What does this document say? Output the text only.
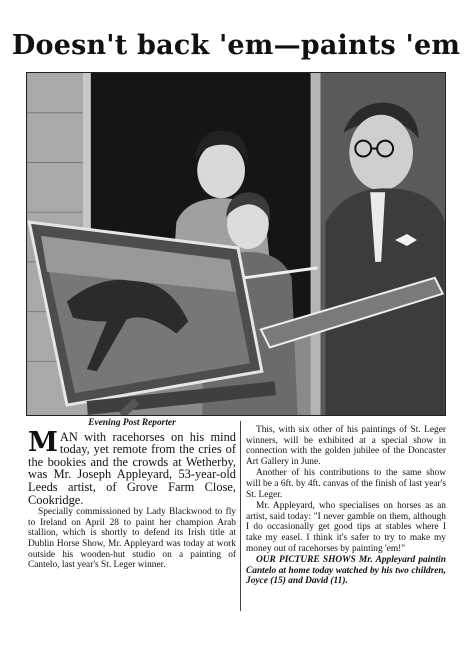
Doesn't back 'em—paints 'em
Evening Post Reporter

MAN with racehorses on his mind today, yet remote from the cries of the bookies and the crowds at Wetherby, was Mr. Joseph Appleyard, 53-year-old Leeds artist, of Grove Farm Close, Cookridge.

Specially commissioned by Lady Blackwood to fly to Ireland on April 28 to paint her champion Arab stallion, which is shortly to defend its Irish title at Dublin Horse Show, Mr. Appleyard was today at work outside his wooden-hut studio on a painting of Cantelo, last year's St. Leger winner.

This, with six other of his paintings of St. Leger winners, will be exhibited at a special show in connection with the golden jubilee of the Doncaster Art Gallery in June.

Another of his contributions to the same show will be a 6ft. by 4ft. canvas of the finish of last year's St. Leger.

Mr. Appleyard, who specialises on horses as an artist, said today: "I never gamble on them, although I do occasionally get good tips at stables where I take my easel. I think it's safer to try to make my money out of racehorses by painting 'em!"

OUR PICTURE SHOWS Mr. Appleyard paintin Cantelo at home today watched by his two children, Joyce (15) and David (11).
